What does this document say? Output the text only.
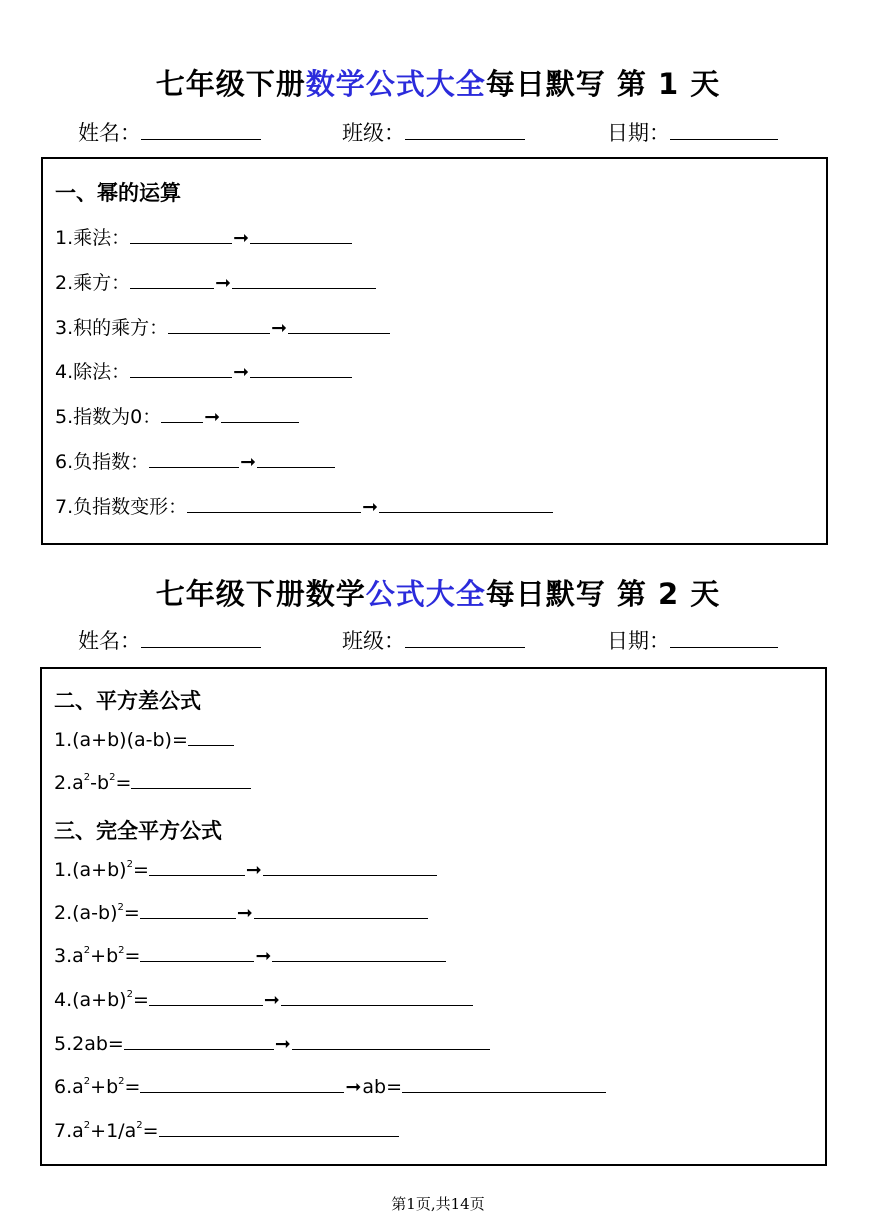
七年级下册数学公式大全每日默写 第 1 天
姓名：	班级：	日期：
一、幂的运算
1.乘法：	➞
2.乘方：	➞
3.积的乘方：	➞
4.除法：	➞
5.指数为0： ➞
6.负指数：	➞
7.负指数变形：	➞
七年级下册数学公式大全每日默写 第 2 天
姓名：	班级：	日期：
二、平方差公式
1.(a+b)(a-b)=
$2.a^2-b^2=$
三、完全平方公式
$1.(a+b)^2=$	➞
$2.(a-b)^2=$	➞
$3.a^2+b^2=$	➞
$4.(a+b)^2=$	➞
5.2ab=	➞
$6.a^2+b^2=$	➞ab=
$7.a^2+1/a^2=$
第1页,共14页
